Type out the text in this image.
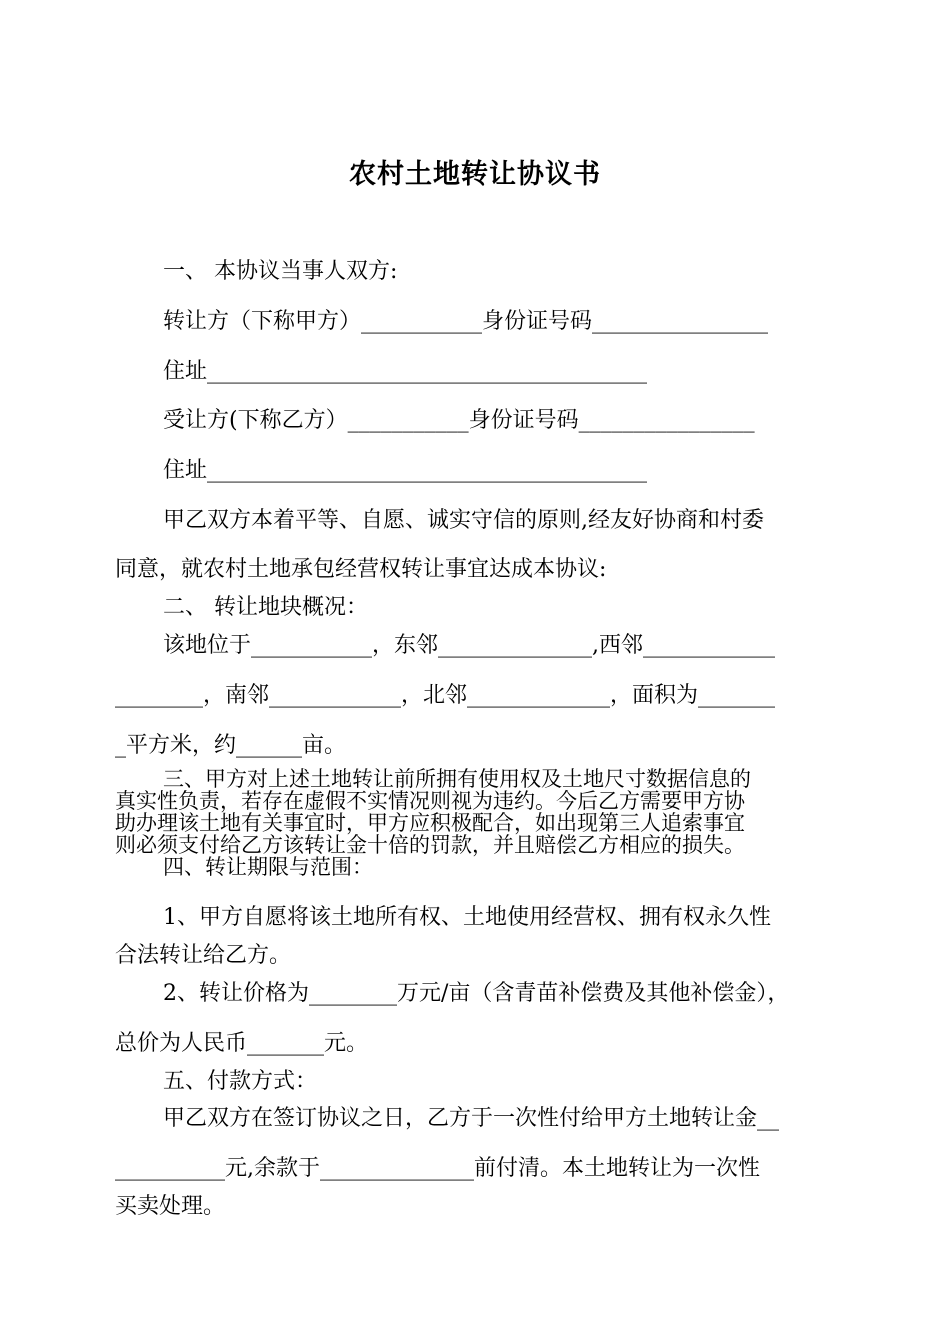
农村土地转让协议书
一、 本协议当事人双方:
转让方（下称甲方）___________身份证号码________________
住址________________________________________
受让方(下称乙方）___________身份证号码________________
住址________________________________________
甲乙双方本着平等、自愿、诚实守信的原则,经友好协商和村委
同意，就农村土地承包经营权转让事宜达成本协议:
二、 转让地块概况：
该地位于___________，东邻______________,西邻____________
________，南邻____________，北邻_____________，面积为_______
_平方米，约______亩。
三、甲方对上述土地转让前所拥有使用权及土地尺寸数据信息的
真实性负责，若存在虚假不实情况则视为违约。今后乙方需要甲方协
助办理该土地有关事宜时，甲方应积极配合，如出现第三人追索事宜
则必须支付给乙方该转让金十倍的罚款，并且赔偿乙方相应的损失。
四、转让期限与范围：
1、甲方自愿将该土地所有权、土地使用经营权、拥有权永久性
合法转让给乙方。
2、转让价格为________万元/亩（含青苗补偿费及其他补偿金），
总价为人民币_______元。
五、付款方式：
甲乙双方在签订协议之日，乙方于一次性付给甲方土地转让金__
__________元,余款于______________前付清。本土地转让为一次性
买卖处理。
